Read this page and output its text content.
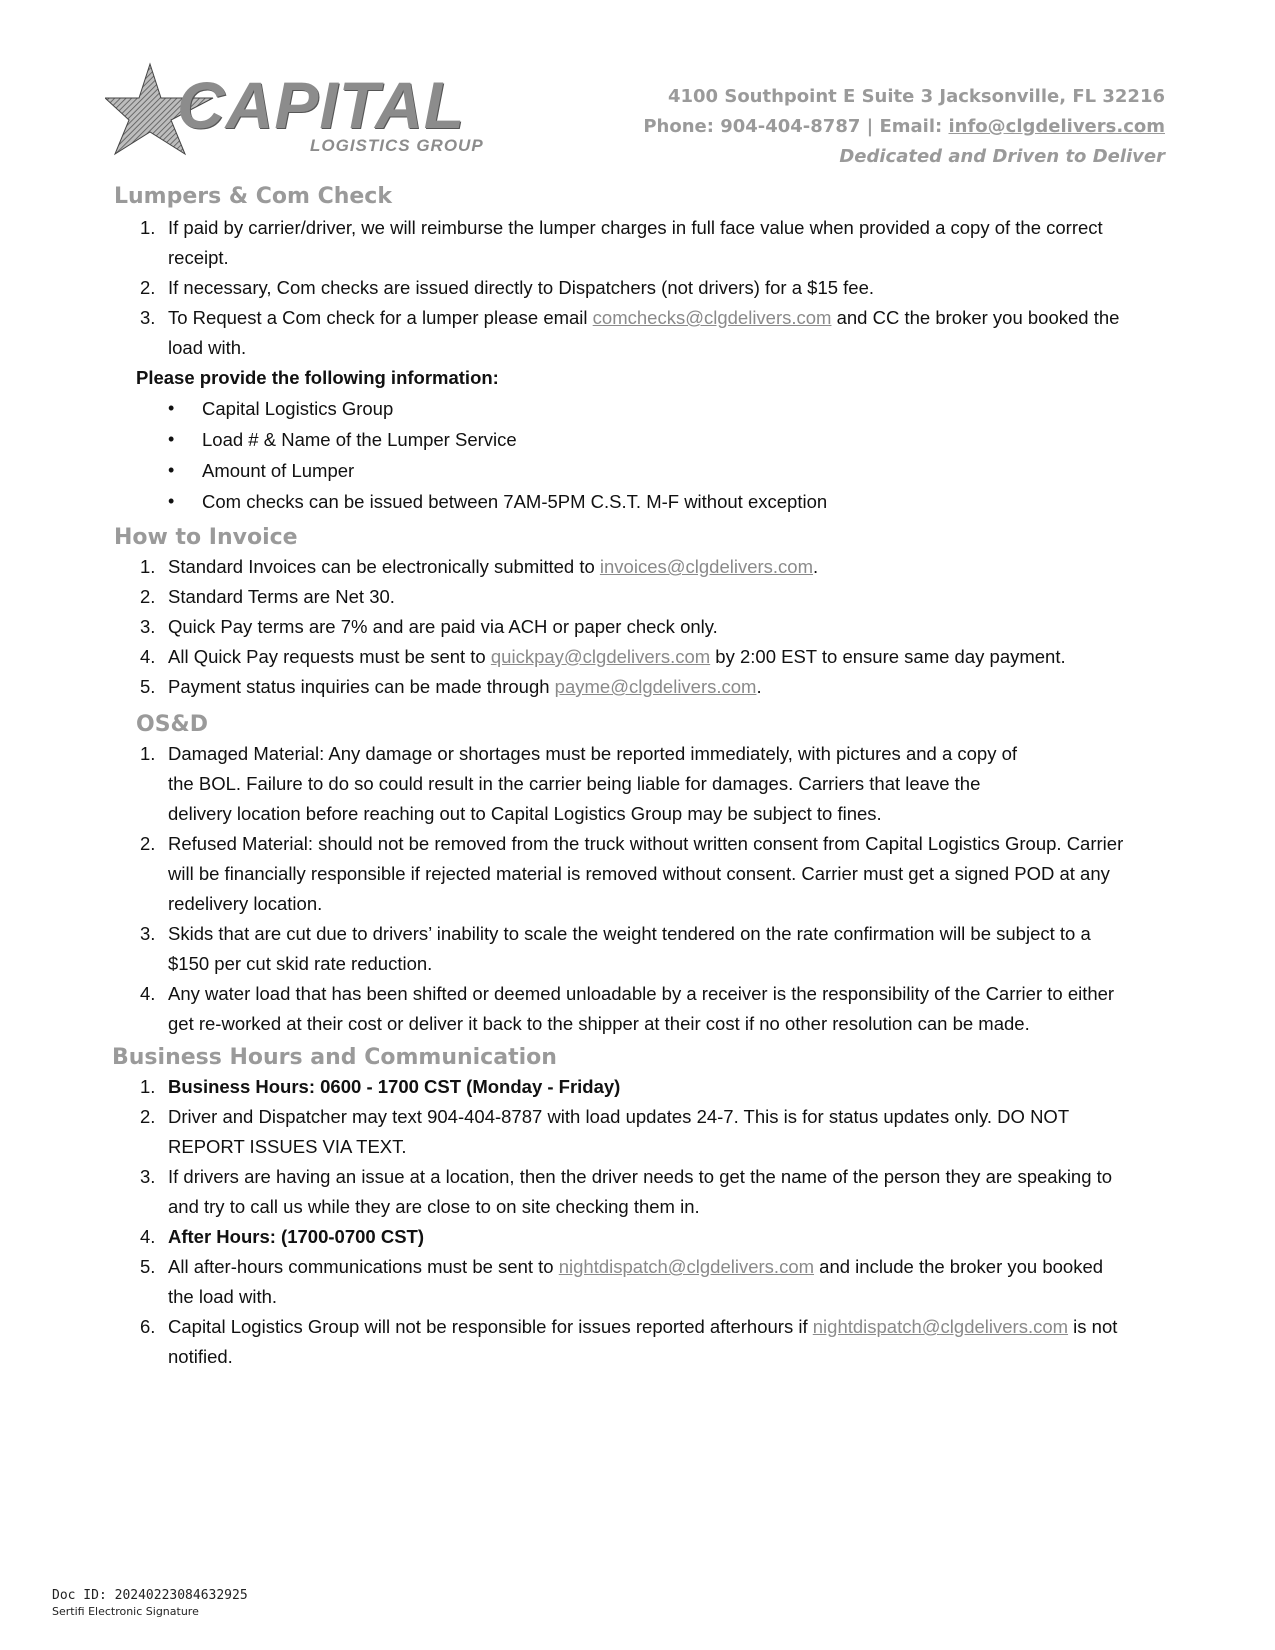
CAPITAL
LOGISTICS GROUP
4100 Southpoint E Suite 3 Jacksonville, FL 32216
Phone: 904-404-8787 | Email: info@clgdelivers.com
Dedicated and Driven to Deliver
Lumpers & Com Check
1. If paid by carrier/driver, we will reimburse the lumper charges in full face value when provided a copy of the correct receipt.
2. If necessary, Com checks are issued directly to Dispatchers (not drivers) for a $15 fee.
3. To Request a Com check for a lumper please email comchecks@clgdelivers.com and CC the broker you booked the load with.
Please provide the following information:
• Capital Logistics Group
• Load # & Name of the Lumper Service
• Amount of Lumper
• Com checks can be issued between 7AM-5PM C.S.T. M-F without exception
How to Invoice
1. Standard Invoices can be electronically submitted to invoices@clgdelivers.com.
2. Standard Terms are Net 30.
3. Quick Pay terms are 7% and are paid via ACH or paper check only.
4. All Quick Pay requests must be sent to quickpay@clgdelivers.com by 2:00 EST to ensure same day payment.
5. Payment status inquiries can be made through payme@clgdelivers.com.
OS&D
1. Damaged Material: Any damage or shortages must be reported immediately, with pictures and a copy of the BOL. Failure to do so could result in the carrier being liable for damages. Carriers that leave the delivery location before reaching out to Capital Logistics Group may be subject to fines.
2. Refused Material: should not be removed from the truck without written consent from Capital Logistics Group. Carrier will be financially responsible if rejected material is removed without consent. Carrier must get a signed POD at any redelivery location.
3. Skids that are cut due to drivers’ inability to scale the weight tendered on the rate confirmation will be subject to a $150 per cut skid rate reduction.
4. Any water load that has been shifted or deemed unloadable by a receiver is the responsibility of the Carrier to either get re-worked at their cost or deliver it back to the shipper at their cost if no other resolution can be made.
Business Hours and Communication
1. Business Hours: 0600 - 1700 CST (Monday - Friday)
2. Driver and Dispatcher may text 904-404-8787 with load updates 24-7. This is for status updates only. DO NOT REPORT ISSUES VIA TEXT.
3. If drivers are having an issue at a location, then the driver needs to get the name of the person they are speaking to and try to call us while they are close to on site checking them in.
4. After Hours: (1700-0700 CST)
5. All after-hours communications must be sent to nightdispatch@clgdelivers.com and include the broker you booked the load with.
6. Capital Logistics Group will not be responsible for issues reported afterhours if nightdispatch@clgdelivers.com is not notified.
Doc ID: 20240223084632925
Sertifi Electronic Signature
